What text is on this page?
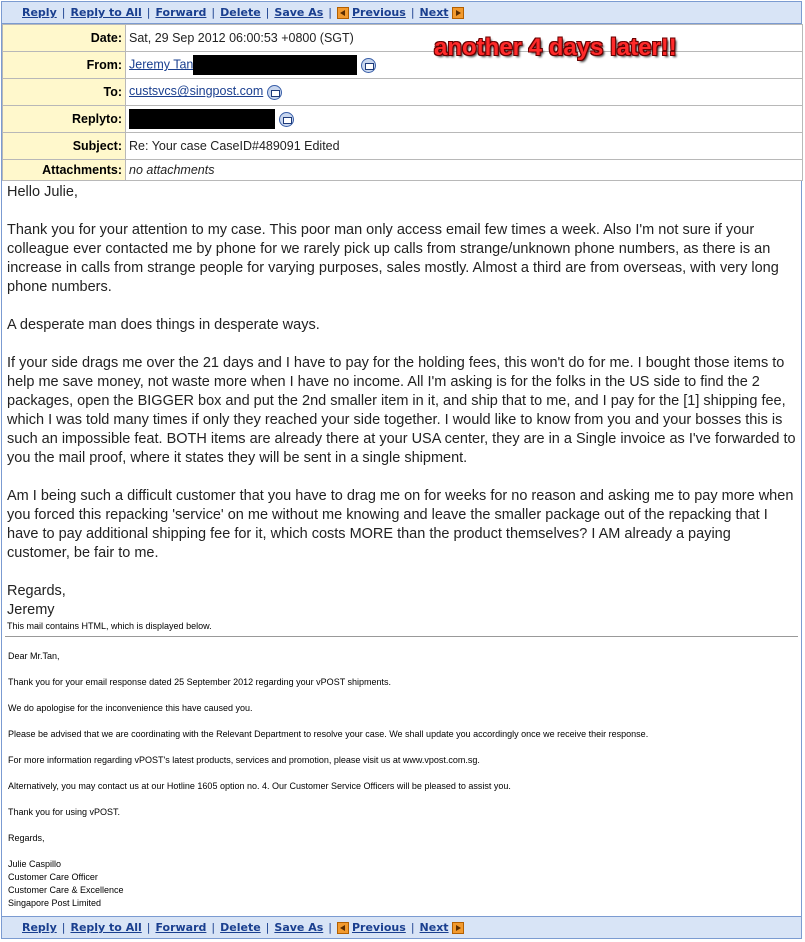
Reply | Reply to All | Forward | Delete | Save As | Previous | Next
Date:	Sat, 29 Sep 2012 06:00:53 +0800 (SGT)
From:	Jeremy Tan
To:	custsvcs@singpost.com
Replyto:	
Subject:	Re: Your case CaseID#489091 Edited
Attachments:	no attachments

Hello Julie,

Thank you for your attention to my case. This poor man only access email few times a week. Also I'm not sure if your colleague ever contacted me by phone for we rarely pick up calls from strange/unknown phone numbers, as there is an increase in calls from strange people for varying purposes, sales mostly. Almost a third are from overseas, with very long phone numbers.

A desperate man does things in desperate ways.

If your side drags me over the 21 days and I have to pay for the holding fees, this won't do for me. I bought those items to help me save money, not waste more when I have no income. All I'm asking is for the folks in the US side to find the 2 packages, open the BIGGER box and put the 2nd smaller item in it, and ship that to me, and I pay for the [1] shipping fee, which I was told many times if only they reached your side together. I would like to know from you and your bosses this is such an impossible feat. BOTH items are already there at your USA center, they are in a Single invoice as I've forwarded to you the mail proof, where it states they will be sent in a single shipment.

Am I being such a difficult customer that you have to drag me on for weeks for no reason and asking me to pay more when you forced this repacking 'service' on me without me knowing and leave the smaller package out of the repacking that I have to pay additional shipping fee for it, which costs MORE than the product themselves? I AM already a paying customer, be fair to me.

Regards,

Jeremy

This mail contains HTML, which is displayed below.

Dear Mr.Tan,

Thank you for your email response dated 25 September 2012 regarding your vPOST shipments.

We do apologise for the inconvenience this have caused you.

Please be advised that we are coordinating with the Relevant Department to resolve your case. We shall update you accordingly once we receive their response.

For more information regarding vPOST's latest products, services and promotion, please visit us at www.vpost.com.sg.

Alternatively, you may contact us at our Hotline 1605 option no. 4. Our Customer Service Officers will be pleased to assist you.

Thank you for using vPOST.

Regards,

Julie Caspillo

Customer Care Officer

Customer Care & Excellence

Singapore Post Limited

Reply | Reply to All | Forward | Delete | Save As | Previous | Next
another 4 days later!!
